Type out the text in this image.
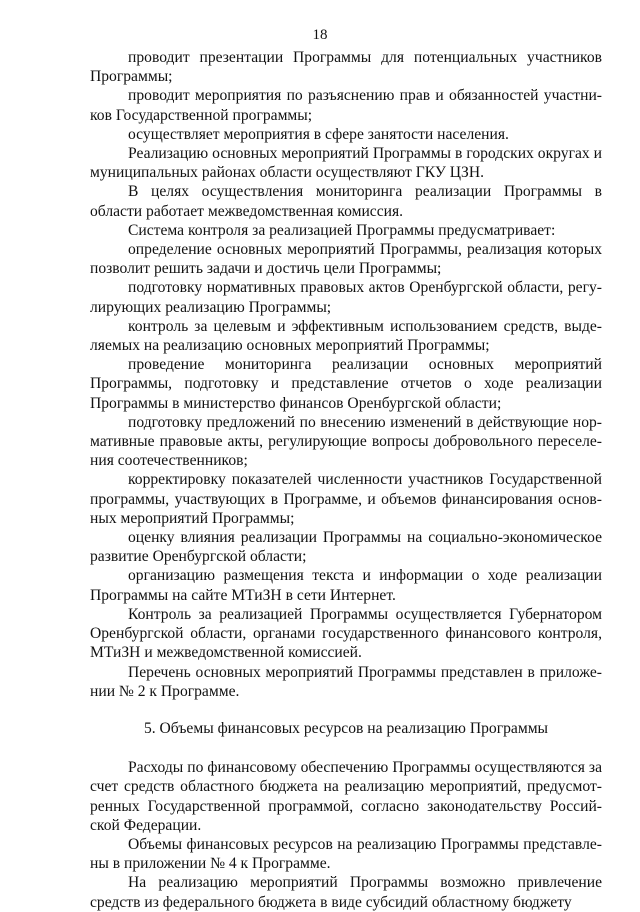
18

проводит презентации Программы для потенциальных участников Программы;

проводит мероприятия по разъяснению прав и обязанностей участников Государственной программы;

осуществляет мероприятия в сфере занятости населения.

Реализацию основных мероприятий Программы в городских округах и муниципальных районах области осуществляют ГКУ ЦЗН.

В целях осуществления мониторинга реализации Программы в области работает межведомственная комиссия.

Система контроля за реализацией Программы предусматривает:

определение основных мероприятий Программы, реализация которых позволит решить задачи и достичь цели Программы;

подготовку нормативных правовых актов Оренбургской области, регулирующих реализацию Программы;

контроль за целевым и эффективным использованием средств, выделяемых на реализацию основных мероприятий Программы;

проведение мониторинга реализации основных мероприятий Программы, подготовку и представление отчетов о ходе реализации Программы в министерство финансов Оренбургской области;

подготовку предложений по внесению изменений в действующие нормативные правовые акты, регулирующие вопросы добровольного переселения соотечественников;

корректировку показателей численности участников Государственной программы, участвующих в Программе, и объемов финансирования основных мероприятий Программы;

оценку влияния реализации Программы на социально-экономическое развитие Оренбургской области;

организацию размещения текста и информации о ходе реализации Программы на сайте МТиЗН в сети Интернет.

Контроль за реализацией Программы осуществляется Губернатором Оренбургской области, органами государственного финансового контроля, МТиЗН и межведомственной комиссией.

Перечень основных мероприятий Программы представлен в приложении № 2 к Программе.

5. Объемы финансовых ресурсов на реализацию Программы

Расходы по финансовому обеспечению Программы осуществляются за счет средств областного бюджета на реализацию мероприятий, предусмотренных Государственной программой, согласно законодательству Российской Федерации.

Объемы финансовых ресурсов на реализацию Программы представлены в приложении № 4 к Программе.

На реализацию мероприятий Программы возможно привлечение средств из федерального бюджета в виде субсидий областному бюджету
